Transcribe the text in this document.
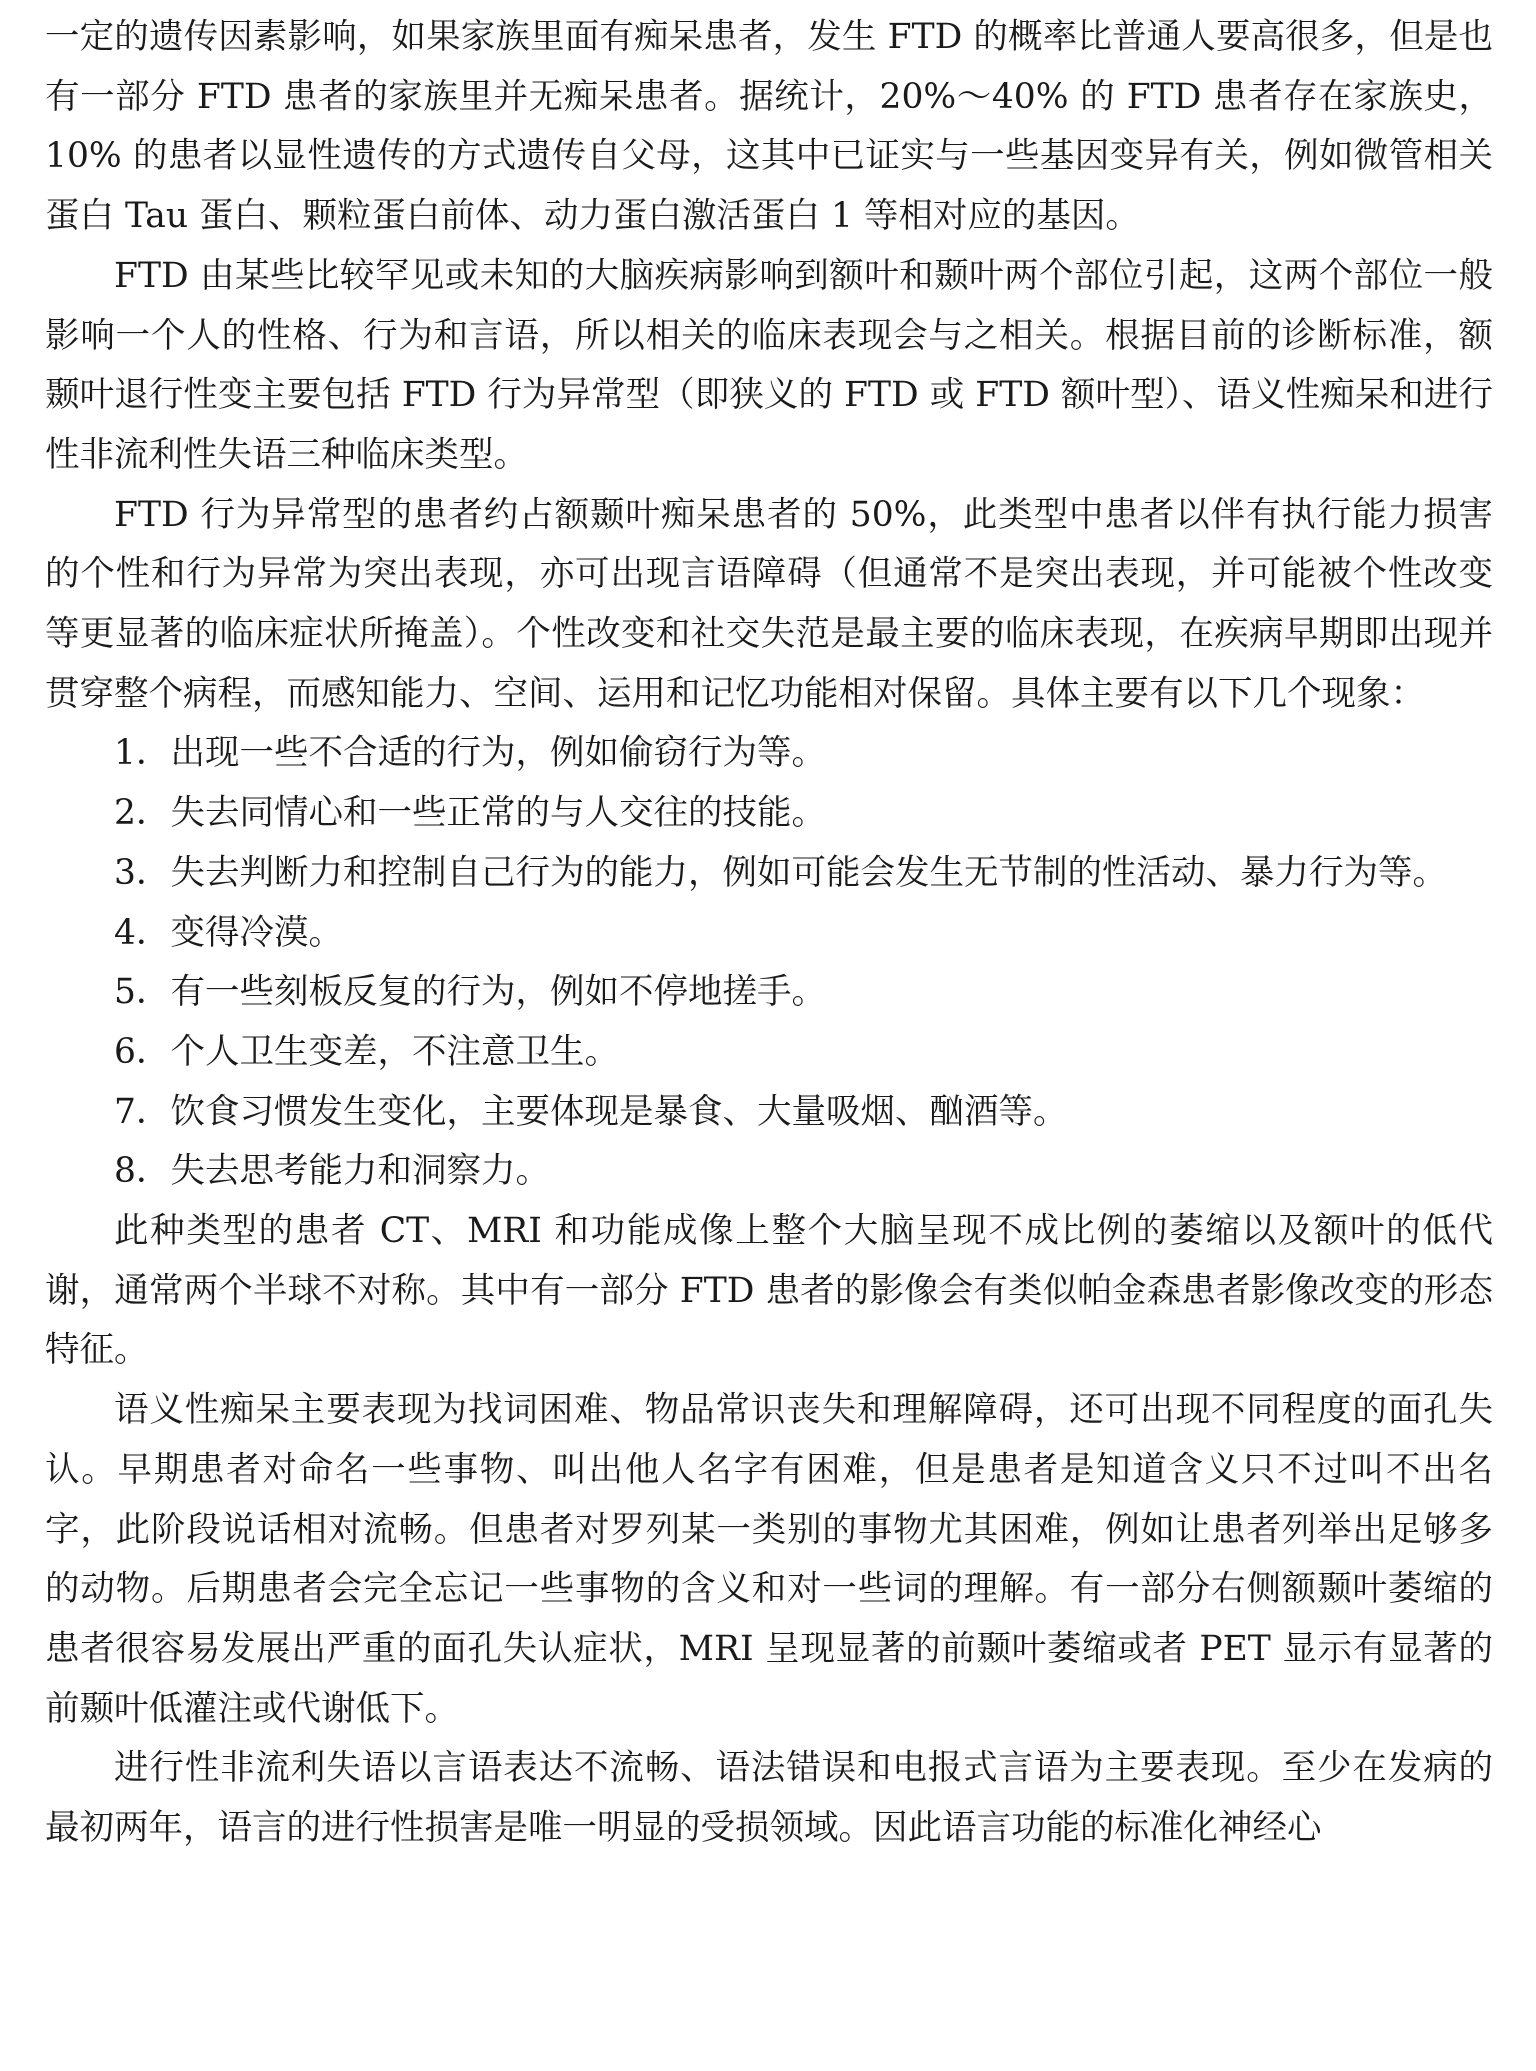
一定的遗传因素影响，如果家族里面有痴呆患者，发生 FTD 的概率比普通人要高很多，但是也有一部分 FTD 患者的家族里并无痴呆患者。据统计，20%～40% 的 FTD 患者存在家族史，10% 的患者以显性遗传的方式遗传自父母，这其中已证实与一些基因变异有关，例如微管相关蛋白 Tau 蛋白、颗粒蛋白前体、动力蛋白激活蛋白 1 等相对应的基因。

FTD 由某些比较罕见或未知的大脑疾病影响到额叶和颞叶两个部位引起，这两个部位一般影响一个人的性格、行为和言语，所以相关的临床表现会与之相关。根据目前的诊断标准，额颞叶退行性变主要包括 FTD 行为异常型（即狭义的 FTD 或 FTD 额叶型）、语义性痴呆和进行性非流利性失语三种临床类型。

FTD 行为异常型的患者约占额颞叶痴呆患者的 50%，此类型中患者以伴有执行能力损害的个性和行为异常为突出表现，亦可出现言语障碍（但通常不是突出表现，并可能被个性改变等更显著的临床症状所掩盖）。个性改变和社交失范是最主要的临床表现，在疾病早期即出现并贯穿整个病程，而感知能力、空间、运用和记忆功能相对保留。具体主要有以下几个现象：

1．出现一些不合适的行为，例如偷窃行为等。

2．失去同情心和一些正常的与人交往的技能。

3．失去判断力和控制自己行为的能力，例如可能会发生无节制的性活动、暴力行为等。

4．变得冷漠。

5．有一些刻板反复的行为，例如不停地搓手。

6．个人卫生变差，不注意卫生。

7．饮食习惯发生变化，主要体现是暴食、大量吸烟、酗酒等。

8．失去思考能力和洞察力。

此种类型的患者 CT、MRI 和功能成像上整个大脑呈现不成比例的萎缩以及额叶的低代谢，通常两个半球不对称。其中有一部分 FTD 患者的影像会有类似帕金森患者影像改变的形态特征。

语义性痴呆主要表现为找词困难、物品常识丧失和理解障碍，还可出现不同程度的面孔失认。早期患者对命名一些事物、叫出他人名字有困难，但是患者是知道含义只不过叫不出名字，此阶段说话相对流畅。但患者对罗列某一类别的事物尤其困难，例如让患者列举出足够多的动物。后期患者会完全忘记一些事物的含义和对一些词的理解。有一部分右侧额颞叶萎缩的患者很容易发展出严重的面孔失认症状，MRI 呈现显著的前颞叶萎缩或者 PET 显示有显著的前颞叶低灌注或代谢低下。

进行性非流利失语以言语表达不流畅、语法错误和电报式言语为主要表现。至少在发病的最初两年，语言的进行性损害是唯一明显的受损领域。因此语言功能的标准化神经心
